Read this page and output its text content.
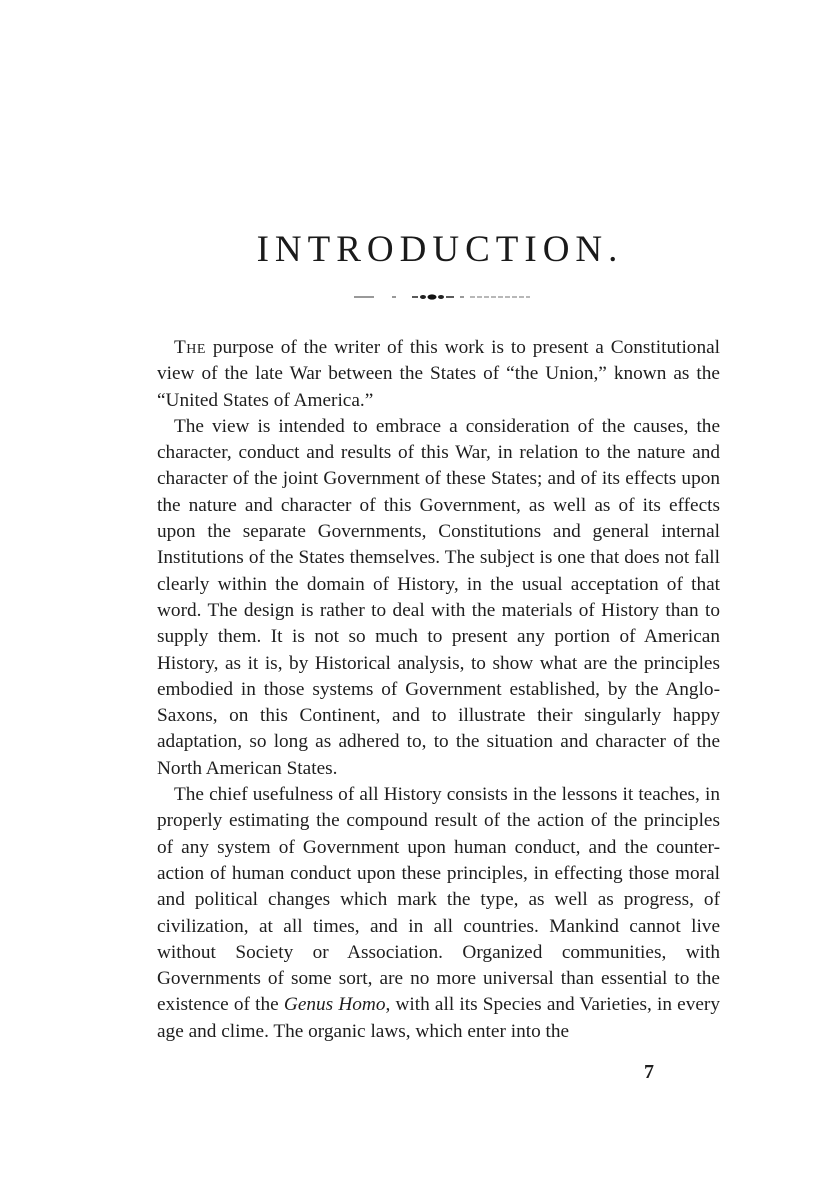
INTRODUCTION.

The purpose of the writer of this work is to present a Constitutional view of the late War between the States of “the Union,” known as the “United States of America.”

The view is intended to embrace a consideration of the causes, the character, conduct and results of this War, in relation to the nature and character of the joint Government of these States; and of its effects upon the nature and character of this Government, as well as of its effects upon the separate Governments, Constitutions and general internal Institutions of the States themselves. The subject is one that does not fall clearly within the domain of History, in the usual acceptation of that word. The design is rather to deal with the materials of History than to supply them. It is not so much to present any portion of American History, as it is, by Historical analysis, to show what are the principles embodied in those systems of Government established, by the Anglo-Saxons, on this Continent, and to illustrate their singularly happy adaptation, so long as adhered to, to the situation and character of the North American States.

The chief usefulness of all History consists in the lessons it teaches, in properly estimating the compound result of the action of the principles of any system of Government upon human conduct, and the counter-action of human conduct upon these principles, in effecting those moral and political changes which mark the type, as well as progress, of civilization, at all times, and in all countries. Mankind cannot live without Society or Association. Organized communities, with Governments of some sort, are no more universal than essential to the existence of the Genus Homo, with all its Species and Varieties, in every age and clime. The organic laws, which enter into the

7
